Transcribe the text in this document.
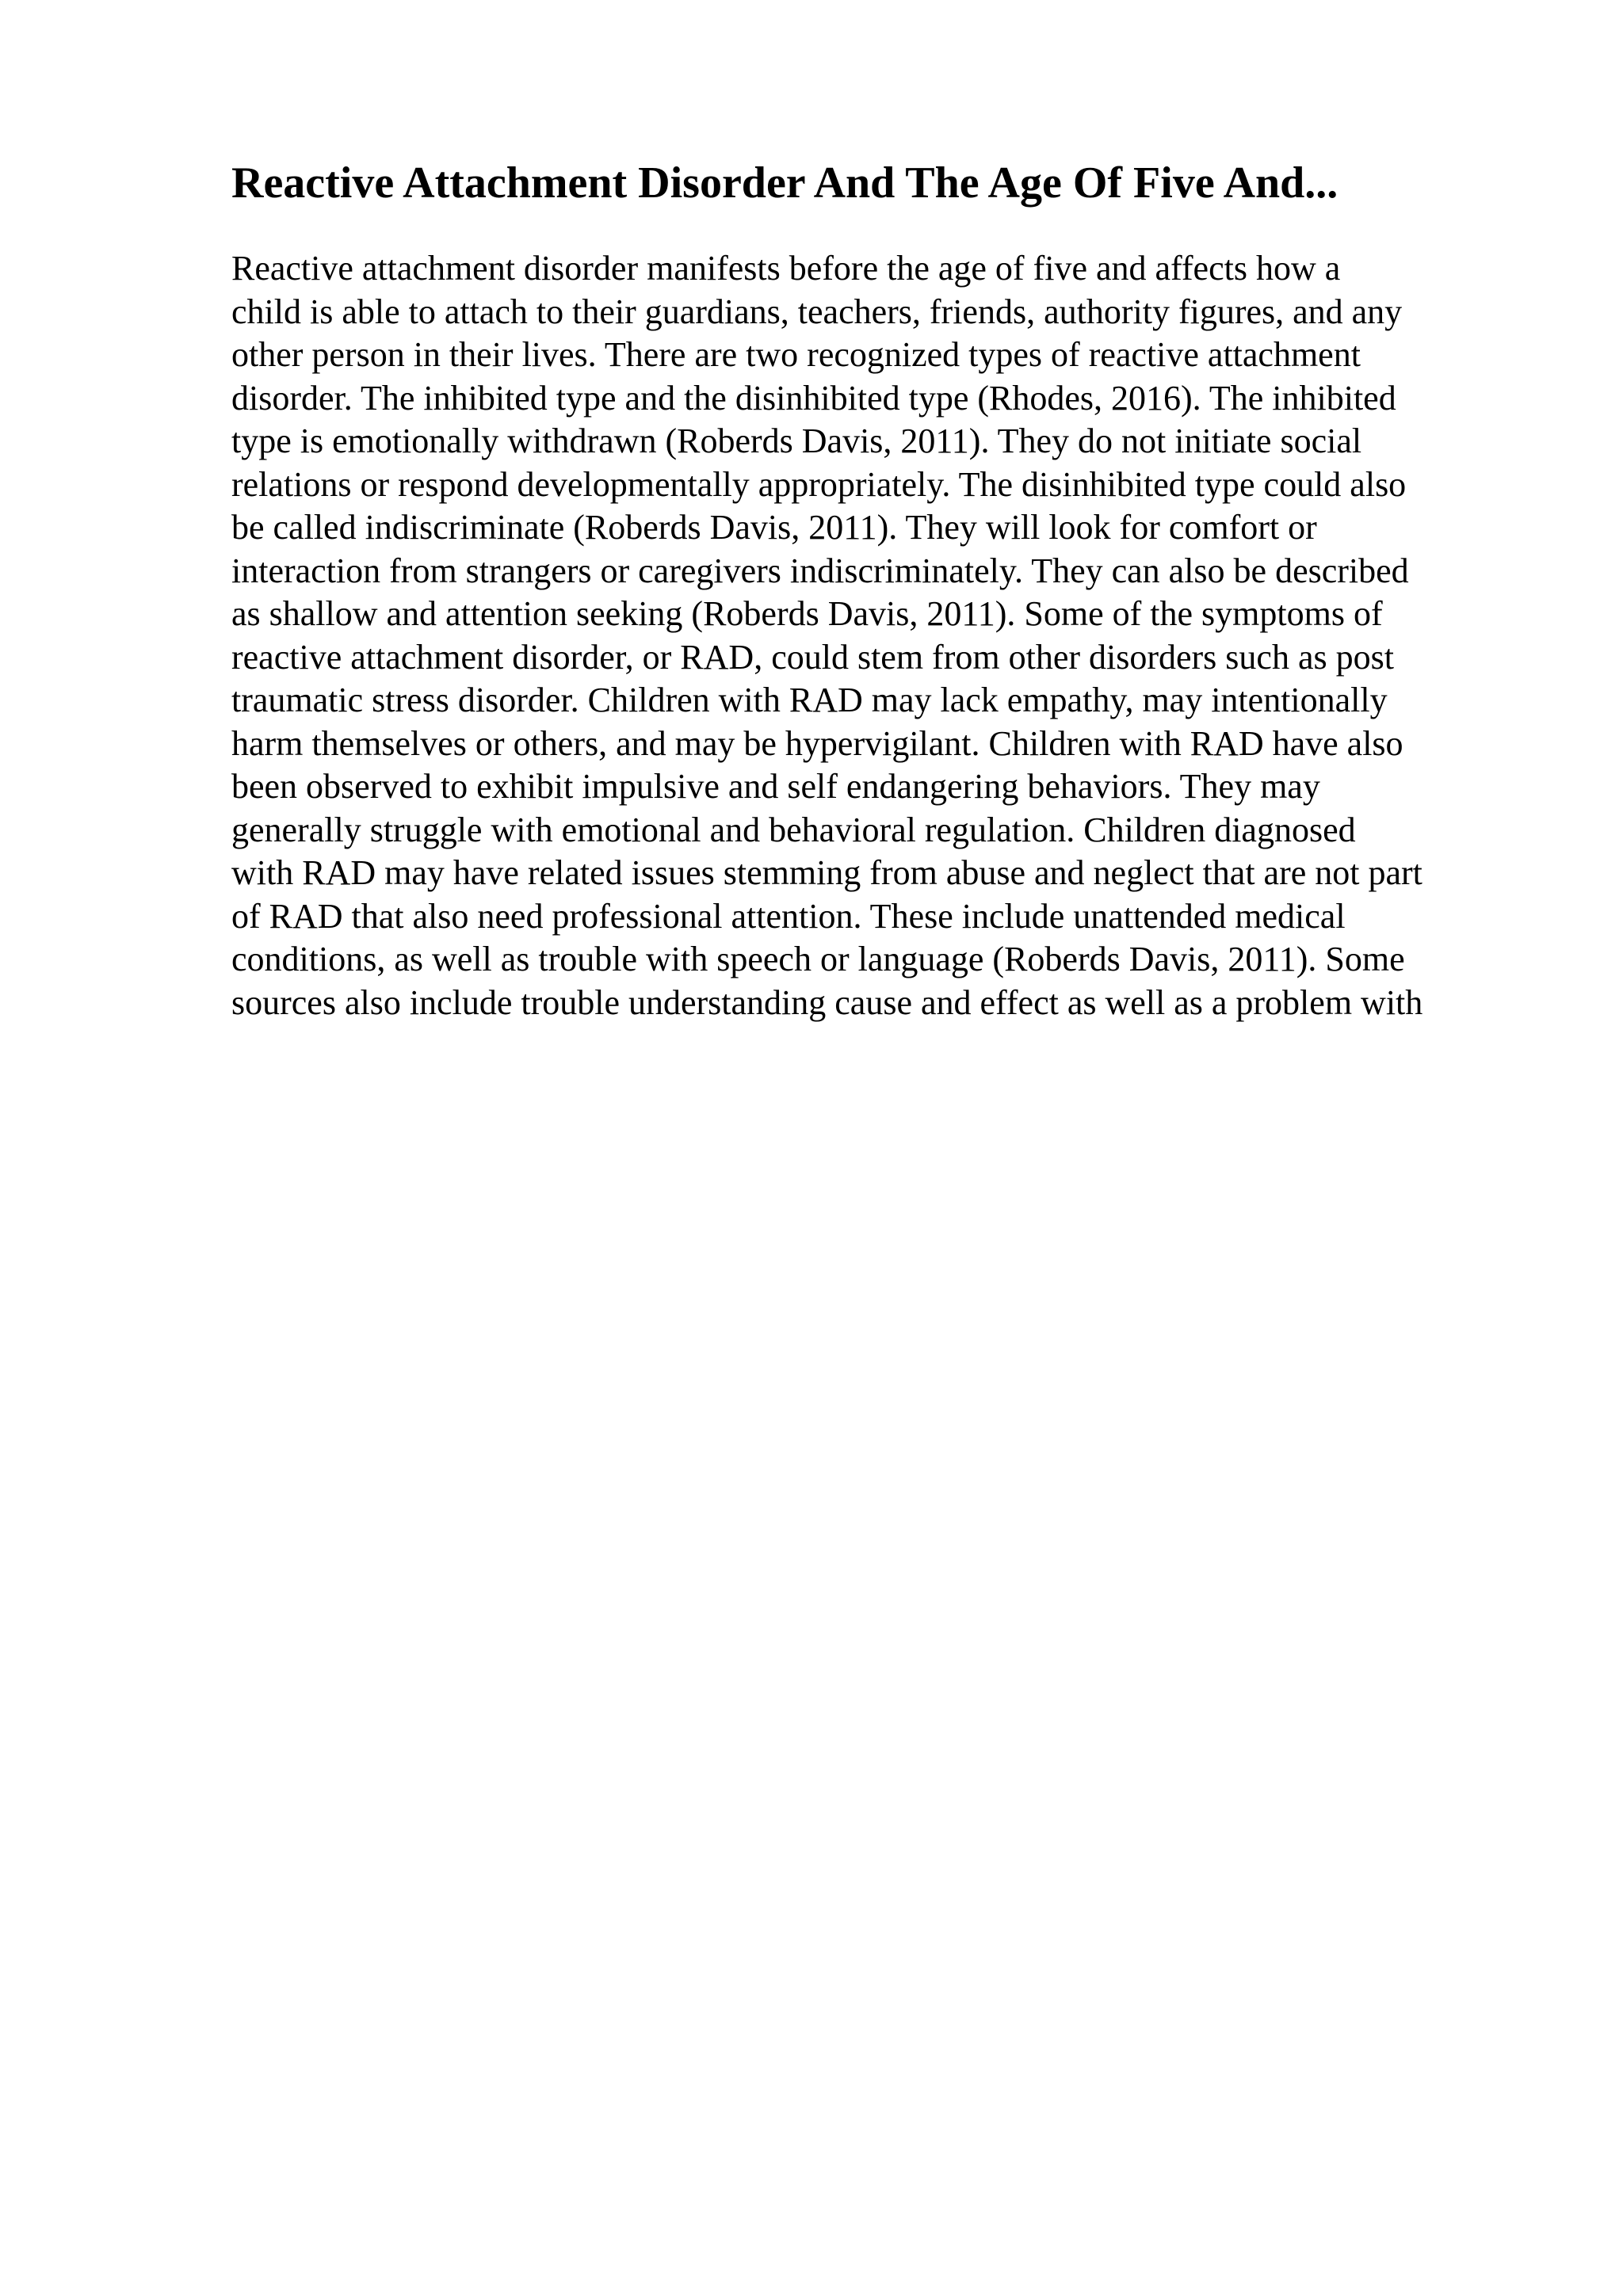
Reactive Attachment Disorder And The Age Of Five And...
Reactive attachment disorder manifests before the age of five and affects how a
child is able to attach to their guardians, teachers, friends, authority figures, and any
other person in their lives. There are two recognized types of reactive attachment
disorder. The inhibited type and the disinhibited type (Rhodes, 2016). The inhibited
type is emotionally withdrawn (Roberds Davis, 2011). They do not initiate social
relations or respond developmentally appropriately. The disinhibited type could also
be called indiscriminate (Roberds Davis, 2011). They will look for comfort or
interaction from strangers or caregivers indiscriminately. They can also be described
as shallow and attention seeking (Roberds Davis, 2011). Some of the symptoms of
reactive attachment disorder, or RAD, could stem from other disorders such as post
traumatic stress disorder. Children with RAD may lack empathy, may intentionally
harm themselves or others, and may be hypervigilant. Children with RAD have also
been observed to exhibit impulsive and self endangering behaviors. They may
generally struggle with emotional and behavioral regulation. Children diagnosed
with RAD may have related issues stemming from abuse and neglect that are not part
of RAD that also need professional attention. These include unattended medical
conditions, as well as trouble with speech or language (Roberds Davis, 2011). Some
sources also include trouble understanding cause and effect as well as a problem with
